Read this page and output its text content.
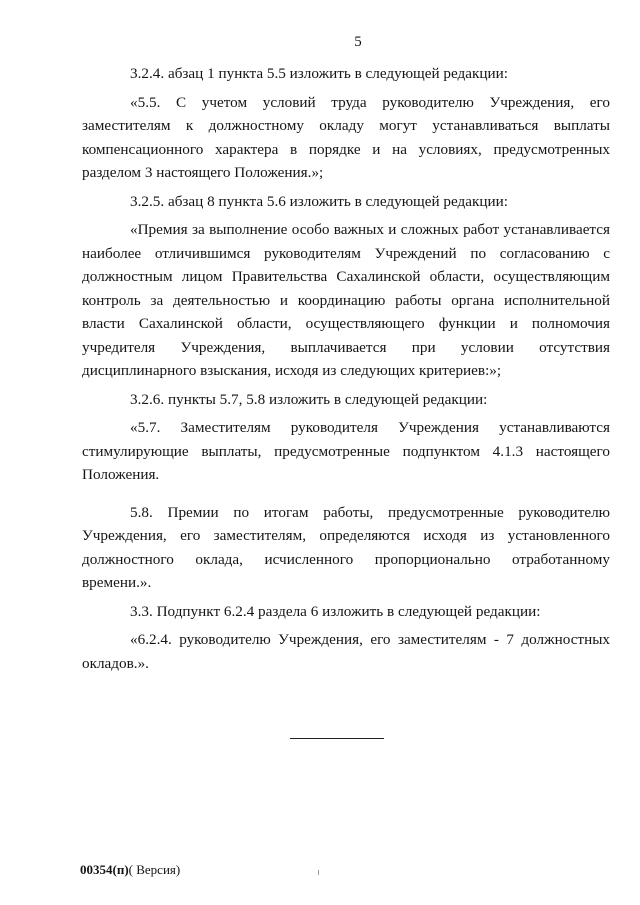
5

3.2.4. абзац 1 пункта 5.5 изложить в следующей редакции:

«5.5. С учетом условий труда руководителю Учреждения, его заместителям к должностному окладу могут устанавливаться выплаты компенсационного характера в порядке и на условиях, предусмотренных разделом 3 настоящего Положения.»;

3.2.5. абзац 8 пункта 5.6 изложить в следующей редакции:

«Премия за выполнение особо важных и сложных работ устанавливается наиболее отличившимся руководителям Учреждений по согласованию с должностным лицом Правительства Сахалинской области, осуществляющим контроль за деятельностью и координацию работы органа исполнительной власти Сахалинской области, осуществляющего функции и полномочия учредителя Учреждения, выплачивается при условии отсутствия дисциплинарного взыскания, исходя из следующих критериев:»;

3.2.6. пункты 5.7, 5.8 изложить в следующей редакции:

«5.7. Заместителям руководителя Учреждения устанавливаются стимулирующие выплаты, предусмотренные подпунктом 4.1.3 настоящего Положения.

5.8. Премии по итогам работы, предусмотренные руководителю Учреждения, его заместителям, определяются исходя из установленного должностного оклада, исчисленного пропорционально отработанному времени.».

3.3. Подпункт 6.2.4 раздела 6 изложить в следующей редакции:

«6.2.4. руководителю Учреждения, его заместителям - 7 должностных окладов.».

00354(п)( Версия)
